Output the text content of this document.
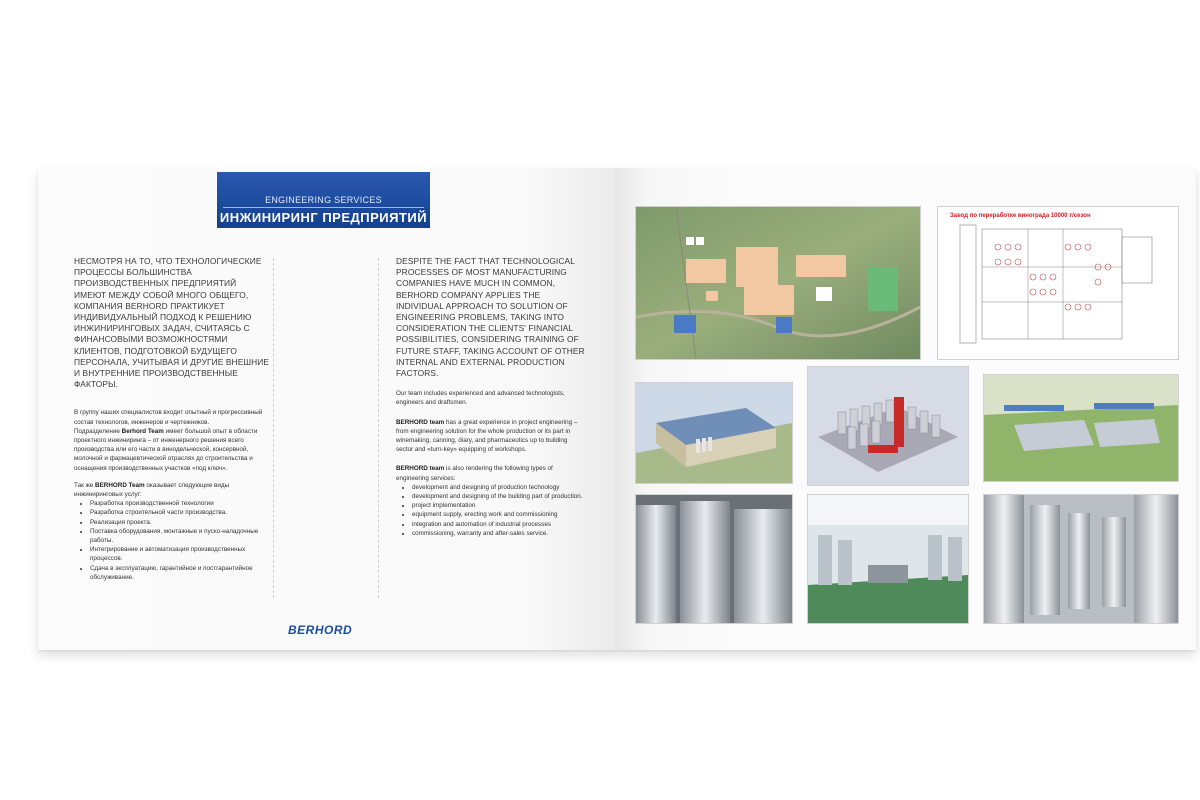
ENGINEERING SERVICES
ИНЖИНИРИНГ ПРЕДПРИЯТИЙ
НЕСМОТРЯ НА ТО, ЧТО ТЕХНОЛОГИЧЕСКИЕ ПРОЦЕССЫ БОЛЬШИНСТВА ПРОИЗВОДСТВЕННЫХ ПРЕДПРИЯТИЙ ИМЕЮТ МЕЖДУ СОБОЙ МНОГО ОБЩЕГО, КОМПАНИЯ BERHORD ПРАКТИКУЕТ ИНДИВИДУАЛЬНЫЙ ПОДХОД К РЕШЕНИЮ ИНЖИНИРИНГОВЫХ ЗАДАЧ, СЧИТАЯСЬ С ФИНАНСОВЫМИ ВОЗМОЖНОСТЯМИ КЛИЕНТОВ, ПОДГОТОВКОЙ БУДУЩЕГО ПЕРСОНАЛА, УЧИТЫВАЯ И ДРУГИЕ ВНЕШНИЕ И ВНУТРЕННИЕ ПРОИЗВОДСТВЕННЫЕ ФАКТОРЫ.
В группу наших специалистов входит опытный и прогрессивный состав технологов, инженеров и чертежников.
Подразделение Berhord Team имеет большой опыт в области проектного инжиниринга – от инженерного решения всего производства или его части в винодельческой, консервной, молочной и фармацевтической отраслях до строительства и оснащения производственных участков «под ключ».
Так же BERHORD Team оказывает следующие виды инжиниринговых услуг:
• Разработка производственной технологии
• Разработка строительной части производства.
• Реализация проекта.
• Поставка оборудования, монтажные и пуско-наладочные работы.
• Интегрирование и автоматизация производственных процессов.
• Сдача в эксплуатацию, гарантийное и постгарантийное обслуживание.
DESPITE THE FACT THAT TECHNOLOGICAL PROCESSES OF MOST MANUFACTURING COMPANIES HAVE MUCH IN COMMON, BERHORD COMPANY APPLIES THE INDIVIDUAL APPROACH TO SOLUTION OF ENGINEERING PROBLEMS, TAKING INTO CONSIDERATION THE CLIENTS' FINANCIAL POSSIBILITIES, CONSIDERING TRAINING OF FUTURE STAFF, TAKING ACCOUNT OF OTHER INTERNAL AND EXTERNAL PRODUCTION FACTORS.
Our team includes experienced and advanced technologists, engineers and draftsmen.
BERHORD team has a great experience in project engineering – from engineering solution for the whole production or its part in winemaking, canning, diary, and pharmaceutics up to building sector and «turn-key» equipping of workshops.
BERHORD team is also rendering the following types of engineering services:
• development and designing of production technology
• development and designing of the building part of production.
• project implementation
• equipment supply, erecting work and commissioning
• integration and automation of industrial processes
• commissioning, warranty and after-sales service.
BERHORD
Завод по переработке винограда 10000 т/сезон
